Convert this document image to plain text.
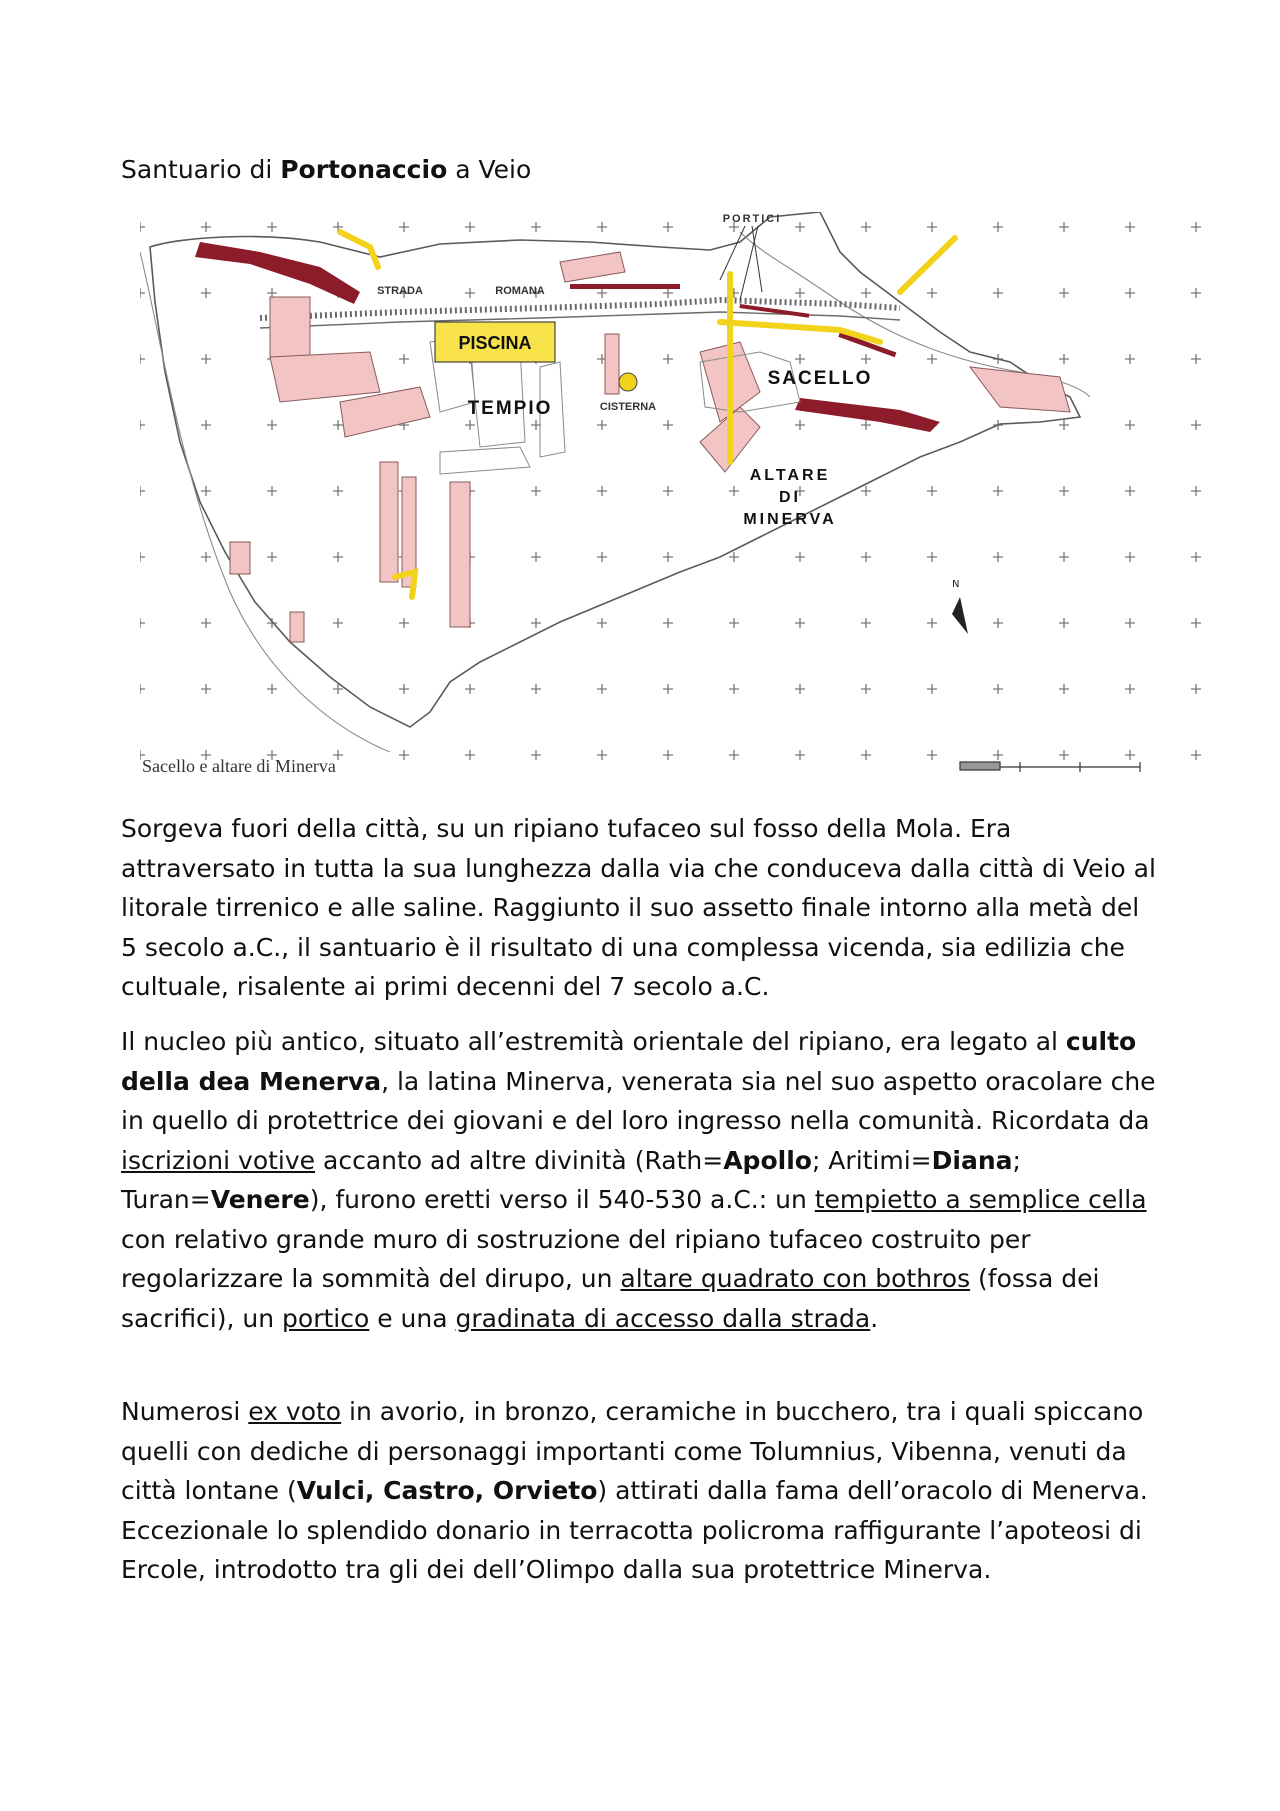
Santuario di Portonaccio a Veio
PISCINA
PORTICI
STRADA	ROMANA
SACELLO
TEMPIO	CISTERNA
ALTARE
DI
MINERVA
N
Sacello e altare di Minerva

Sorgeva fuori della città, su un ripiano tufaceo sul fosso della Mola. Era attraversato in tutta la sua lunghezza dalla via che conduceva dalla città di Veio al litorale tirrenico e alle saline. Raggiunto il suo assetto finale intorno alla metà del 5 secolo a.C., il santuario è il risultato di una complessa vicenda, sia edilizia che cultuale, risalente ai primi decenni del 7 secolo a.C.

Il nucleo più antico, situato all’estremità orientale del ripiano, era legato al culto della dea Menerva, la latina Minerva, venerata sia nel suo aspetto oracolare che in quello di protettrice dei giovani e del loro ingresso nella comunità. Ricordata da iscrizioni votive accanto ad altre divinità (Rath=Apollo; Aritimi=Diana; Turan=Venere), furono eretti verso il 540-530 a.C.: un tempietto a semplice cella con relativo grande muro di sostruzione del ripiano tufaceo costruito per regolarizzare la sommità del dirupo, un altare quadrato con bothros (fossa dei sacrifici), un portico e una gradinata di accesso dalla strada.

Numerosi ex voto in avorio, in bronzo, ceramiche in bucchero, tra i quali spiccano quelli con dediche di personaggi importanti come Tolumnius, Vibenna, venuti da città lontane (Vulci, Castro, Orvieto) attirati dalla fama dell’oracolo di Menerva. Eccezionale lo splendido donario in terracotta policroma raffigurante l’apoteosi di Ercole, introdotto tra gli dei dell’Olimpo dalla sua protettrice Minerva.
